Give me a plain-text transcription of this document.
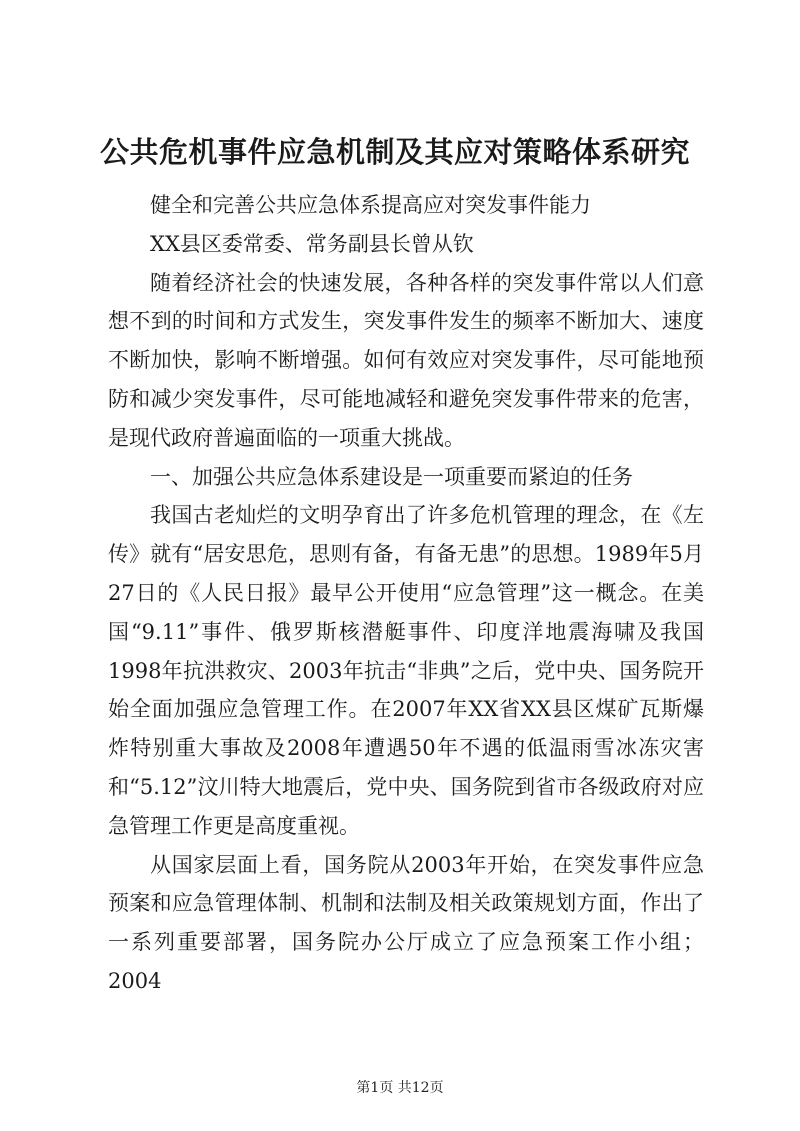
公共危机事件应急机制及其应对策略体系研究

健全和完善公共应急体系提高应对突发事件能力

XX县区委常委、常务副县长曾从钦

随着经济社会的快速发展，各种各样的突发事件常以人们意想不到的时间和方式发生，突发事件发生的频率不断加大、速度不断加快，影响不断增强。如何有效应对突发事件，尽可能地预防和减少突发事件，尽可能地减轻和避免突发事件带来的危害，是现代政府普遍面临的一项重大挑战。

一、加强公共应急体系建设是一项重要而紧迫的任务

我国古老灿烂的文明孕育出了许多危机管理的理念，在《左传》就有“居安思危，思则有备，有备无患”的思想。1989年5月27日的《人民日报》最早公开使用“应急管理”这一概念。在美国“9.11”事件、俄罗斯核潜艇事件、印度洋地震海啸及我国1998年抗洪救灾、2003年抗击“非典”之后，党中央、国务院开始全面加强应急管理工作。在2007年XX省XX县区煤矿瓦斯爆炸特别重大事故及2008年遭遇50年不遇的低温雨雪冰冻灾害和“5.12”汶川特大地震后，党中央、国务院到省市各级政府对应急管理工作更是高度重视。

从国家层面上看，国务院从2003年开始，在突发事件应急预案和应急管理体制、机制和法制及相关政策规划方面，作出了一系列重要部署，国务院办公厅成立了应急预案工作小组；2004

第1页 共12页
